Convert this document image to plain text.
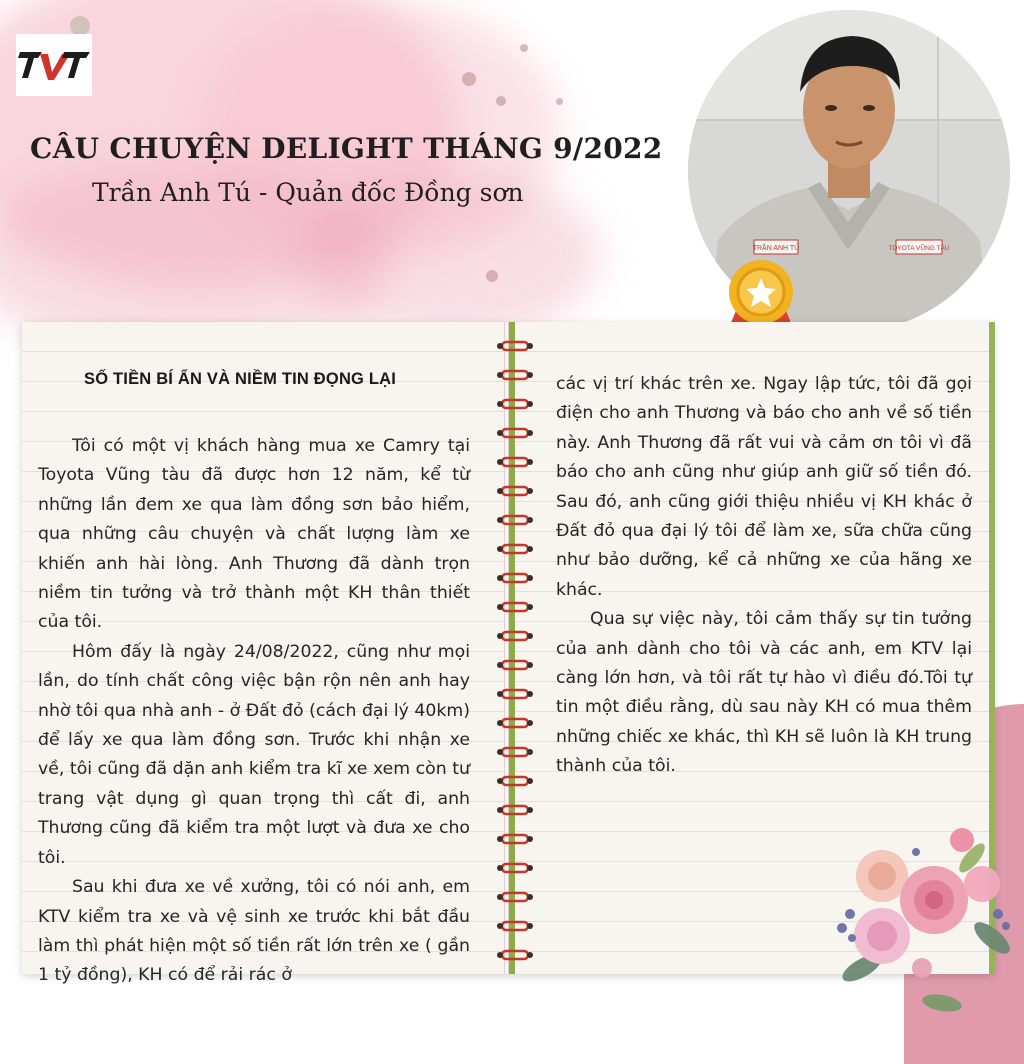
CÂU CHUYỆN DELIGHT THÁNG 9/2022
Trần Anh Tú - Quản đốc Đồng sơn
TRẦN ANH TÚ	TOYOTA VŨNG TÀU
SỐ TIỀN BÍ ẨN VÀ NIỀM TIN ĐỌNG LẠI

Tôi có một vị khách hàng mua xe Camry tại Toyota Vũng tàu đã được hơn 12 năm, kể từ những lần đem xe qua làm đồng sơn bảo hiểm, qua những câu chuyện và chất lượng làm xe khiến anh hài lòng. Anh Thương đã dành trọn niềm tin tưởng và trở thành một KH thân thiết của tôi.

Hôm đấy là ngày 24/08/2022, cũng như mọi lần, do tính chất công việc bận rộn nên anh hay nhờ tôi qua nhà anh - ở Đất đỏ (cách đại lý 40km) để lấy xe qua làm đồng sơn. Trước khi nhận xe về, tôi cũng đã dặn anh kiểm tra kĩ xe xem còn tư trang vật dụng gì quan trọng thì cất đi, anh Thương cũng đã kiểm tra một lượt và đưa xe cho tôi.

Sau khi đưa xe về xưởng, tôi có nói anh, em KTV kiểm tra xe và vệ sinh xe trước khi bắt đầu làm thì phát hiện một số tiền rất lớn trên xe ( gần 1 tỷ đồng), KH có để rải rác ở

các vị trí khác trên xe. Ngay lập tức, tôi đã gọi điện cho anh Thương và báo cho anh về số tiền này. Anh Thương đã rất vui và cảm ơn tôi vì đã báo cho anh cũng như giúp anh giữ số tiền đó. Sau đó, anh cũng giới thiệu nhiều vị KH khác ở Đất đỏ qua đại lý tôi để làm xe, sữa chữa cũng như bảo dưỡng, kể cả những xe của hãng xe khác.

Qua sự việc này, tôi cảm thấy sự tin tưởng của anh dành cho tôi và các anh, em KTV lại càng lớn hơn, và tôi rất tự hào vì điều đó.Tôi tự tin một điều rằng, dù sau này KH có mua thêm những chiếc xe khác, thì KH sẽ luôn là KH trung thành của tôi.
